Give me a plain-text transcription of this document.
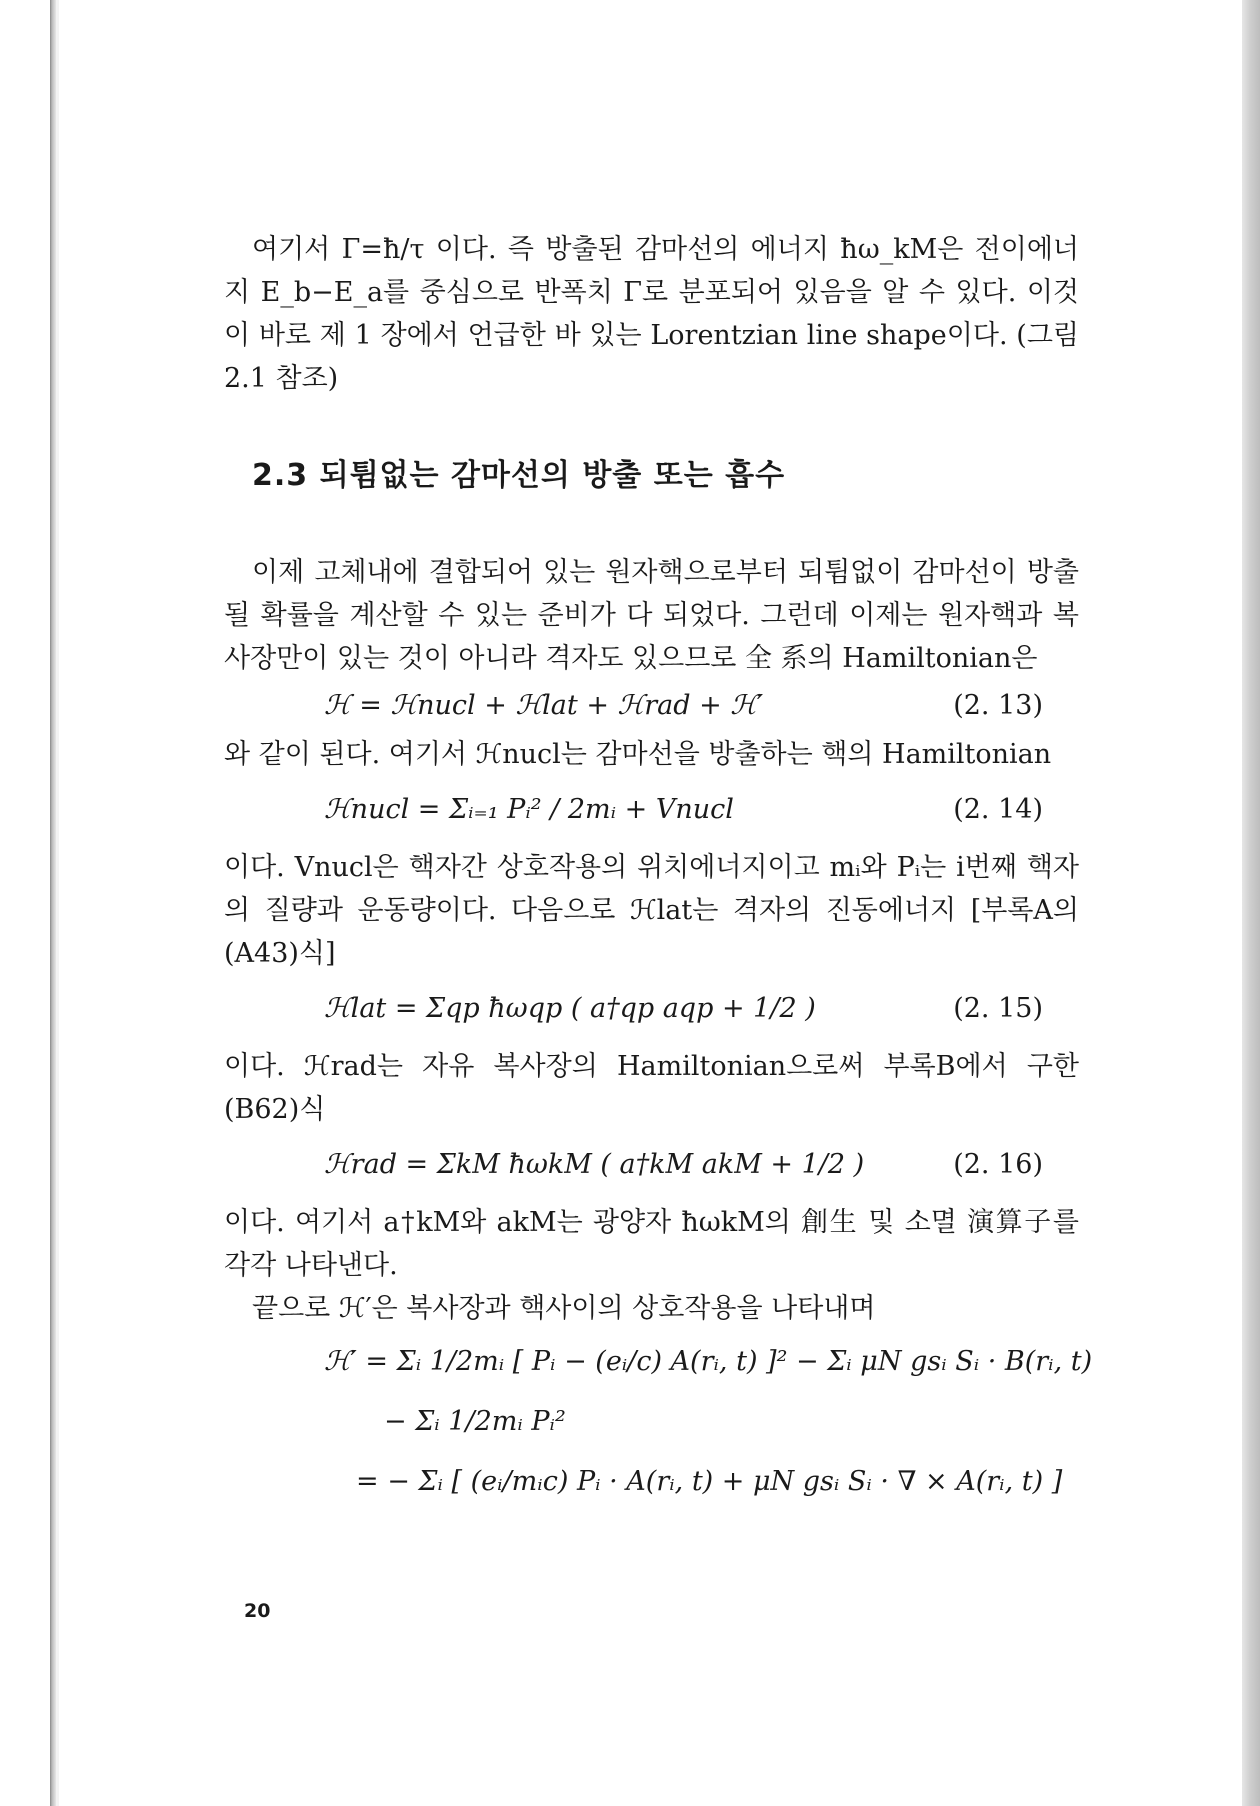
여기서 Γ=ħ/τ 이다. 즉 방출된 감마선의 에너지 ħω_kM은 전이에너지 E_b−E_a를 중심으로 반폭치 Γ로 분포되어 있음을 알 수 있다. 이것이 바로 제 1 장에서 언급한 바 있는 Lorentzian line shape이다. (그림 2.1 참조)

2.3 되튐없는 감마선의 방출 또는 흡수

이제 고체내에 결합되어 있는 원자핵으로부터 되튐없이 감마선이 방출될 확률을 계산할 수 있는 준비가 다 되었다. 그런데 이제는 원자핵과 복사장만이 있는 것이 아니라 격자도 있으므로 全 系의 Hamiltonian은

ℋ = ℋnucl + ℋlat + ℋrad + ℋ′	(2. 13)

와 같이 된다. 여기서 ℋnucl는 감마선을 방출하는 핵의 Hamiltonian

ℋnucl = Σᵢ₌₁ Pᵢ² / 2mᵢ + Vnucl	(2. 14)

이다. Vnucl은 핵자간 상호작용의 위치에너지이고 mᵢ와 Pᵢ는 i번째 핵자의 질량과 운동량이다. 다음으로 ℋlat는 격자의 진동에너지 [부록A의 (A43)식]

ℋlat = Σqp ħωqp ( a†qp aqp + 1/2 )	(2. 15)

이다. ℋrad는 자유 복사장의 Hamiltonian으로써 부록B에서 구한 (B62)식

ℋrad = ΣkM ħωkM ( a†kM akM + 1/2 )	(2. 16)

이다. 여기서 a†kM와 akM는 광양자 ħωkM의 創生 및 소멸 演算子를 각각 나타낸다.

끝으로 ℋ′은 복사장과 핵사이의 상호작용을 나타내며

ℋ′ = Σᵢ 1/2mᵢ [ Pᵢ − (eᵢ/c) A(rᵢ, t) ]² − Σᵢ μN gsᵢ Sᵢ · B(rᵢ, t)
− Σᵢ 1/2mᵢ Pᵢ²
= − Σᵢ [ (eᵢ/mᵢc) Pᵢ · A(rᵢ, t) + μN gsᵢ Sᵢ · ∇ × A(rᵢ, t) ]
20
